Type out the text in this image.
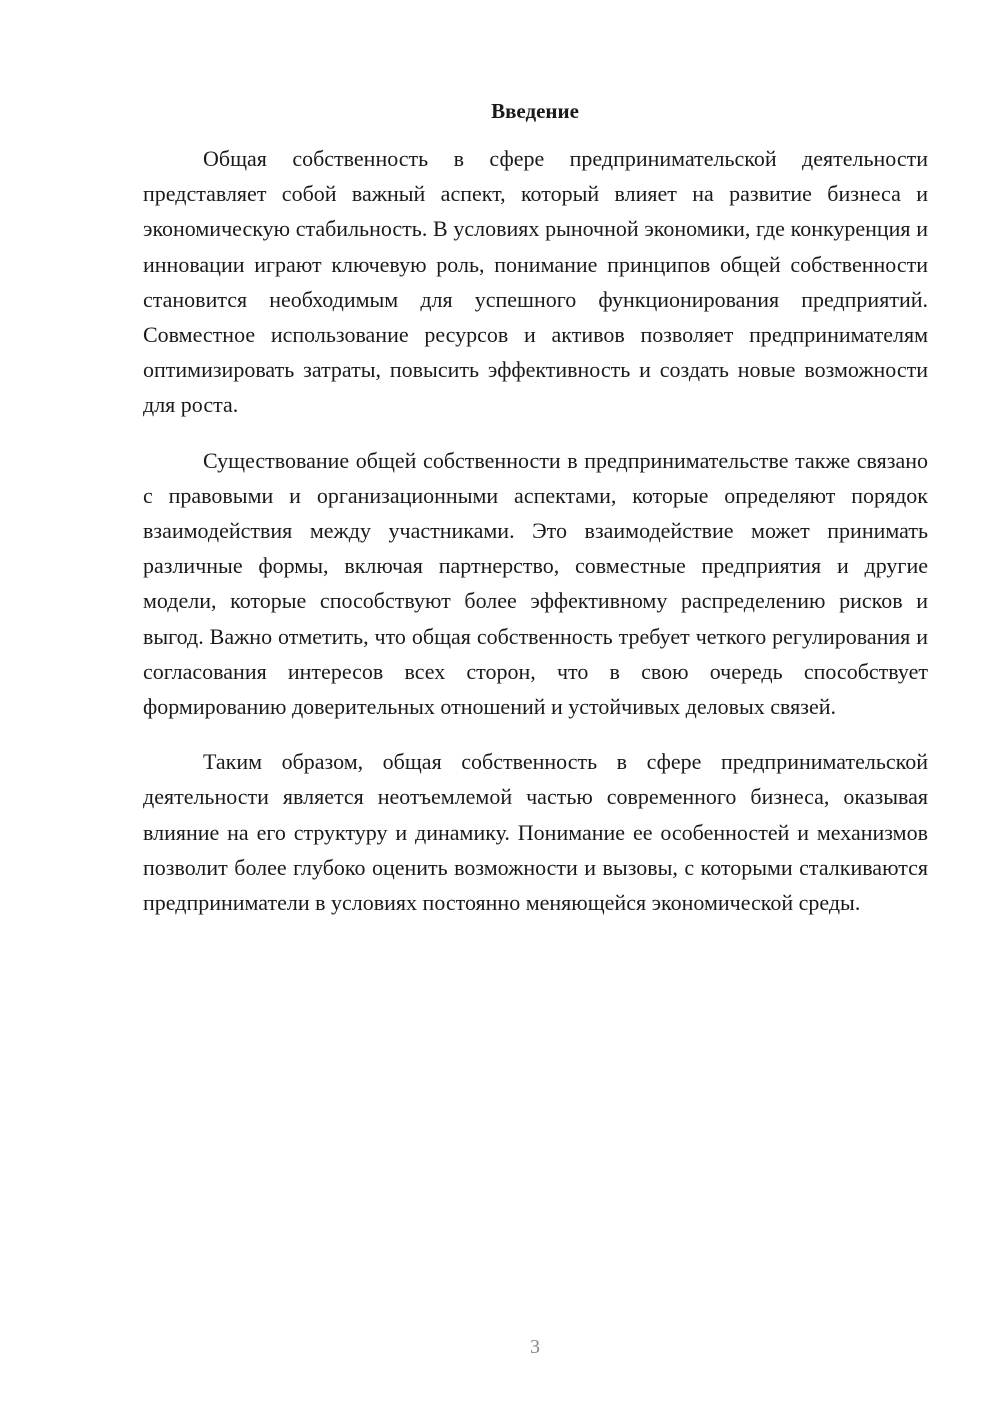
Введение

Общая собственность в сфере предпринимательской деятельности представляет собой важный аспект, который влияет на развитие бизнеса и экономическую стабильность. В условиях рыночной экономики, где конкуренция и инновации играют ключевую роль, понимание принципов общей собственности становится необходимым для успешного функционирования предприятий. Совместное использование ресурсов и активов позволяет предпринимателям оптимизировать затраты, повысить эффективность и создать новые возможности для роста.

Существование общей собственности в предпринимательстве также связано с правовыми и организационными аспектами, которые определяют порядок взаимодействия между участниками. Это взаимодействие может принимать различные формы, включая партнерство, совместные предприятия и другие модели, которые способствуют более эффективному распределению рисков и выгод. Важно отметить, что общая собственность требует четкого регулирования и согласования интересов всех сторон, что в свою очередь способствует формированию доверительных отношений и устойчивых деловых связей.

Таким образом, общая собственность в сфере предпринимательской деятельности является неотъемлемой частью современного бизнеса, оказывая влияние на его структуру и динамику. Понимание ее особенностей и механизмов позволит более глубоко оценить возможности и вызовы, с которыми сталкиваются предприниматели в условиях постоянно меняющейся экономической среды.

3
